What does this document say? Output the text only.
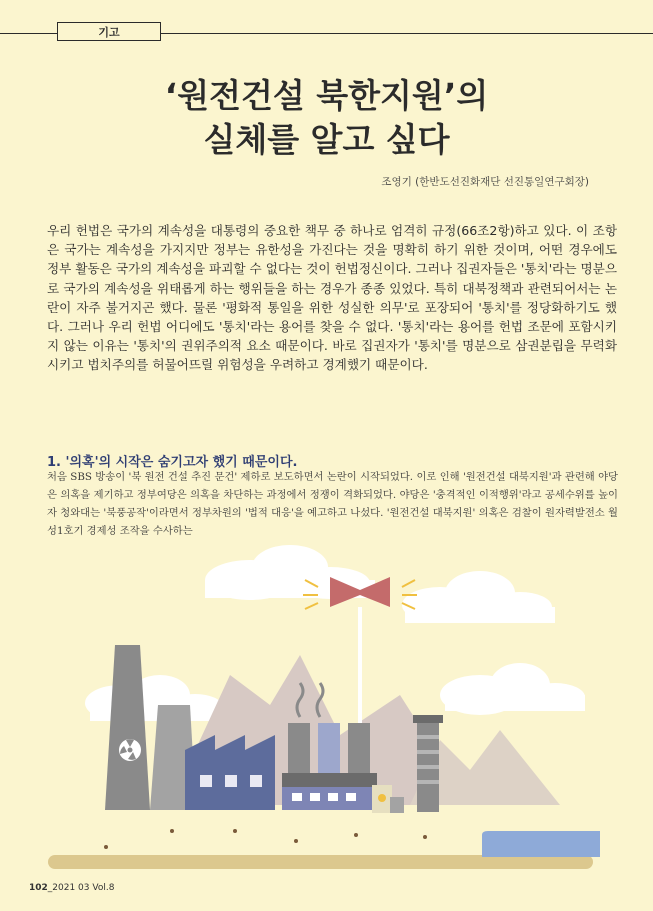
기고
‘원전건설 북한지원’의
실체를 알고 싶다
조영기 (한반도선진화재단 선진통일연구회장)

우리 헌법은 국가의 계속성을 대통령의 중요한 책무 중 하나로 엄격히 규정(66조2항)하고 있다. 이 조항은 국가는 계속성을 가지지만 정부는 유한성을 가진다는 것을 명확히 하기 위한 것이며, 어떤 경우에도 정부 활동은 국가의 계속성을 파괴할 수 없다는 것이 헌법정신이다. 그러나 집권자들은 '통치'라는 명분으로 국가의 계속성을 위태롭게 하는 행위들을 하는 경우가 종종 있었다. 특히 대북정책과 관련되어서는 논란이 자주 불거지곤 했다. 물론 '평화적 통일을 위한 성실한 의무'로 포장되어 '통치'를 정당화하기도 했다. 그러나 우리 헌법 어디에도 '통치'라는 용어를 찾을 수 없다. '통치'라는 용어를 헌법 조문에 포함시키지 않는 이유는 '통치'의 권위주의적 요소 때문이다. 바로 집권자가 '통치'를 명분으로 삼권분립을 무력화시키고 법치주의를 허물어뜨릴 위험성을 우려하고 경계했기 때문이다.

1. '의혹'의 시작은 숨기고자 했기 때문이다.

처음 SBS 방송이 '북 원전 건설 추진 문건' 제하로 보도하면서 논란이 시작되었다. 이로 인해 '원전건설 대북지원'과 관련해 야당은 의혹을 제기하고 정부여당은 의혹을 차단하는 과정에서 정쟁이 격화되었다. 야당은 '충격적인 이적행위'라고 공세수위를 높이자 청와대는 '북풍공작'이라면서 정부차원의 '법적 대응'을 예고하고 나섰다. '원전건설 대북지원' 의혹은 검찰이 원자력발전소 월성1호기 경제성 조작을 수사하는

102_2021 03 Vol.8
